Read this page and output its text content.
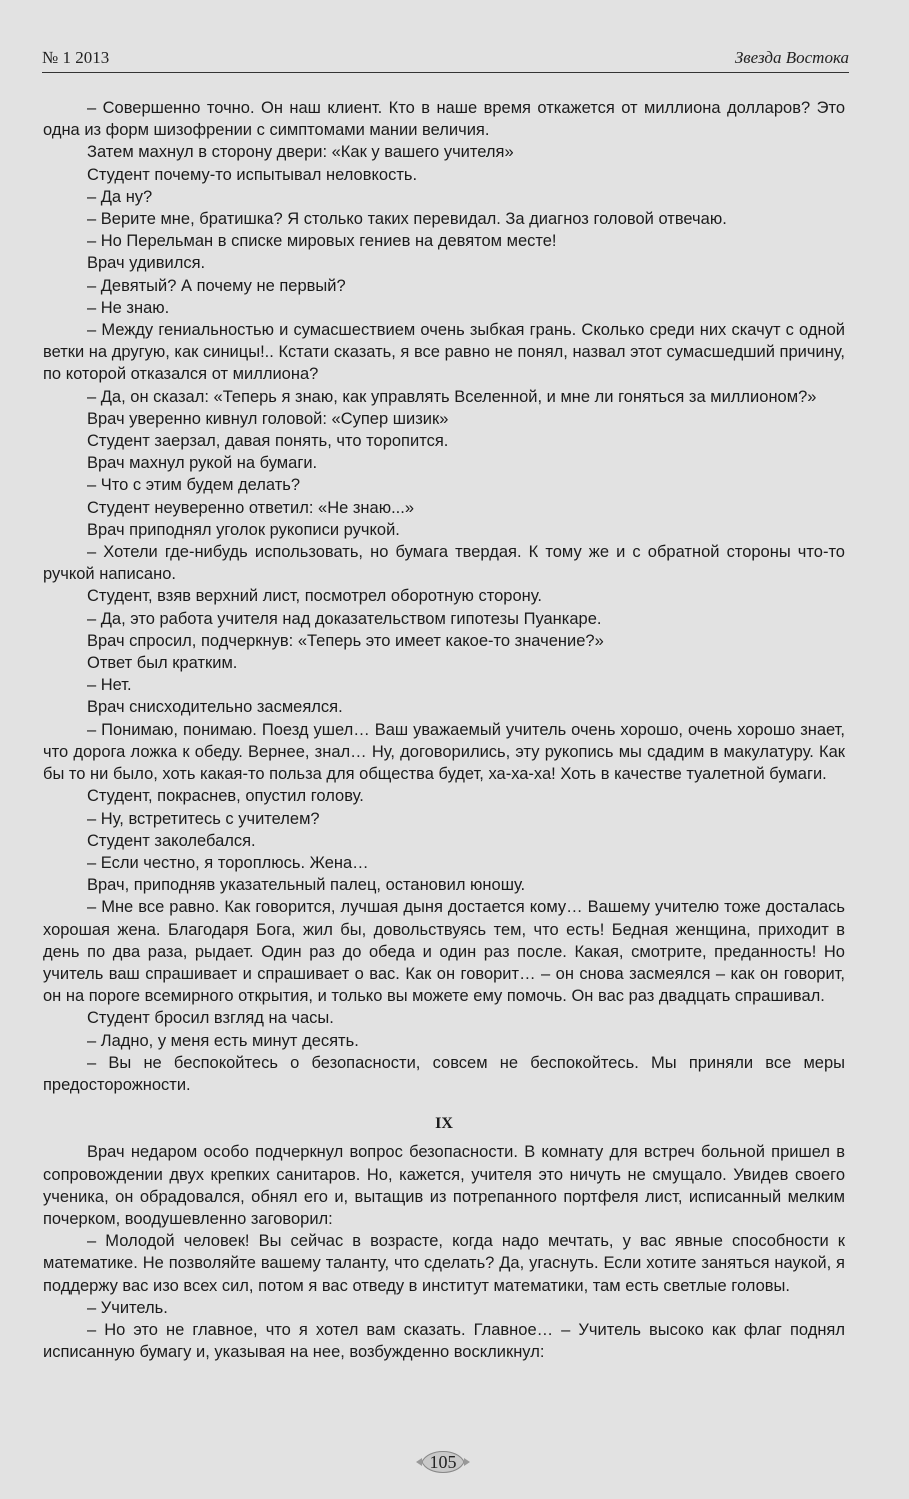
№ 1 2013	Звезда Востока

– Совершенно точно. Он наш клиент. Кто в наше время откажется от миллиона долларов? Это одна из форм шизофрении с симптомами мании величия.

Затем махнул в сторону двери: «Как у вашего учителя»

Студент почему-то испытывал неловкость.

– Да ну?

– Верите мне, братишка? Я столько таких перевидал. За диагноз головой отвечаю.

– Но Перельман в списке мировых гениев на девятом месте!

Врач удивился.

– Девятый? А почему не первый?

– Не знаю.

– Между гениальностью и сумасшествием очень зыбкая грань. Сколько среди них скачут с одной ветки на другую, как синицы!.. Кстати сказать, я все равно не понял, назвал этот сумасшедший причину, по которой отказался от миллиона?

– Да, он сказал: «Теперь я знаю, как управлять Вселенной, и мне ли гоняться за миллионом?»

Врач уверенно кивнул головой: «Супер шизик»

Студент заерзал, давая понять, что торопится.

Врач махнул рукой на бумаги.

– Что с этим будем делать?

Студент неуверенно ответил: «Не знаю...»

Врач приподнял уголок рукописи ручкой.

– Хотели где-нибудь использовать, но бумага твердая. К тому же и с обратной стороны что-то ручкой написано.

Студент, взяв верхний лист, посмотрел оборотную сторону.

– Да, это работа учителя над доказательством гипотезы Пуанкаре.

Врач спросил, подчеркнув: «Теперь это имеет какое-то значение?»

Ответ был кратким.

– Нет.

Врач снисходительно засмеялся.

– Понимаю, понимаю. Поезд ушел… Ваш уважаемый учитель очень хорошо, очень хорошо знает, что дорога ложка к обеду. Вернее, знал… Ну, договорились, эту рукопись мы сдадим в макулатуру. Как бы то ни было, хоть какая-то польза для общества будет, ха-ха-ха! Хоть в качестве туалетной бумаги.

Студент, покраснев, опустил голову.

– Ну, встретитесь с учителем?

Студент заколебался.

– Если честно, я тороплюсь. Жена…

Врач, приподняв указательный палец, остановил юношу.

– Мне все равно. Как говорится, лучшая дыня достается кому… Вашему учителю тоже досталась хорошая жена. Благодаря Бога, жил бы, довольствуясь тем, что есть! Бедная женщина, приходит в день по два раза, рыдает. Один раз до обеда и один раз после. Какая, смотрите, преданность! Но учитель ваш спрашивает и спрашивает о вас. Как он говорит… – он снова засмеялся – как он говорит, он на пороге всемирного открытия, и только вы можете ему помочь. Он вас раз двадцать спрашивал.

Студент бросил взгляд на часы.

– Ладно, у меня есть минут десять.

– Вы не беспокойтесь о безопасности, совсем не беспокойтесь. Мы приняли все меры предосторожности.

IX

Врач недаром особо подчеркнул вопрос безопасности. В комнату для встреч больной пришел в сопровождении двух крепких санитаров. Но, кажется, учителя это ничуть не смущало. Увидев своего ученика, он обрадовался, обнял его и, вытащив из потрепанного портфеля лист, исписанный мелким почерком, воодушевленно заговорил:

– Молодой человек! Вы сейчас в возрасте, когда надо мечтать, у вас явные способности к математике. Не позволяйте вашему таланту, что сделать? Да, угаснуть. Если хотите заняться наукой, я поддержу вас изо всех сил, потом я вас отведу в институт математики, там есть светлые головы.

– Учитель.

– Но это не главное, что я хотел вам сказать. Главное… – Учитель высоко как флаг поднял исписанную бумагу и, указывая на нее, возбужденно воскликнул:

105
